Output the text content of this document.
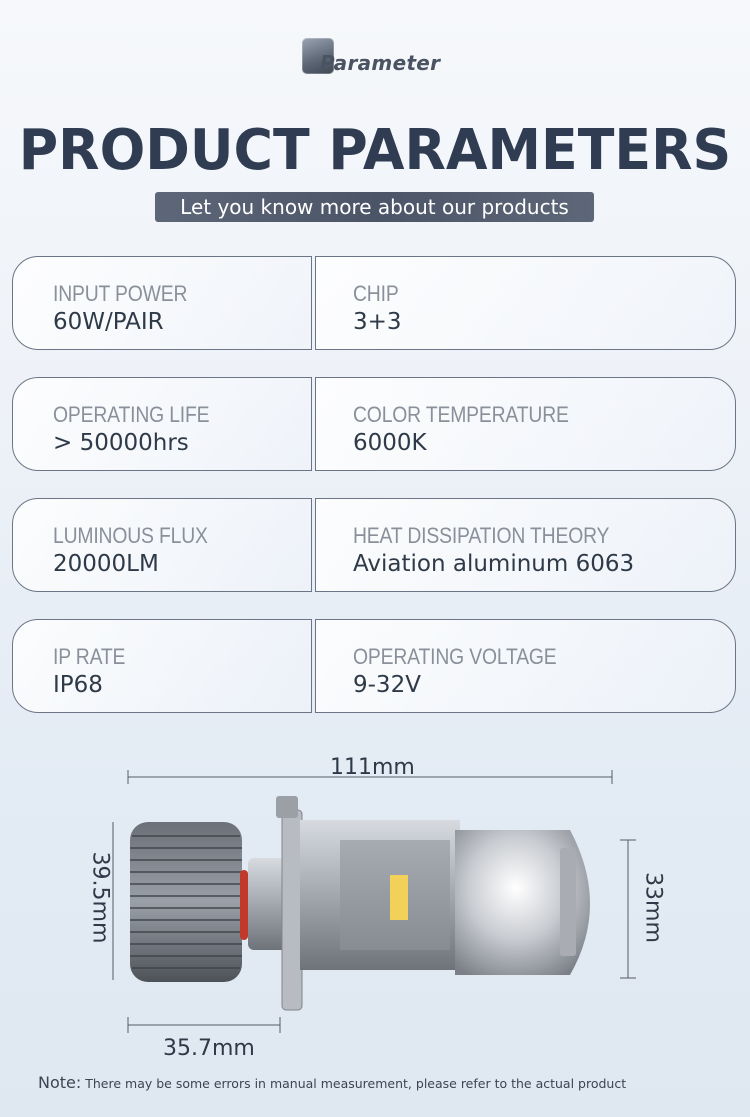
Parameter
PRODUCT PARAMETERS
Let you know more about our products
INPUT POWER
60W/PAIR
CHIP
3+3
OPERATING LIFE
> 50000hrs
COLOR TEMPERATURE
6000K
LUMINOUS FLUX
20000LM
HEAT DISSIPATION THEORY
Aviation aluminum 6063
IP RATE
IP68
OPERATING VOLTAGE
9-32V
111mm
39.5mm	33mm
35.7mm
Note: There may be some errors in manual measurement, please refer to the actual product
